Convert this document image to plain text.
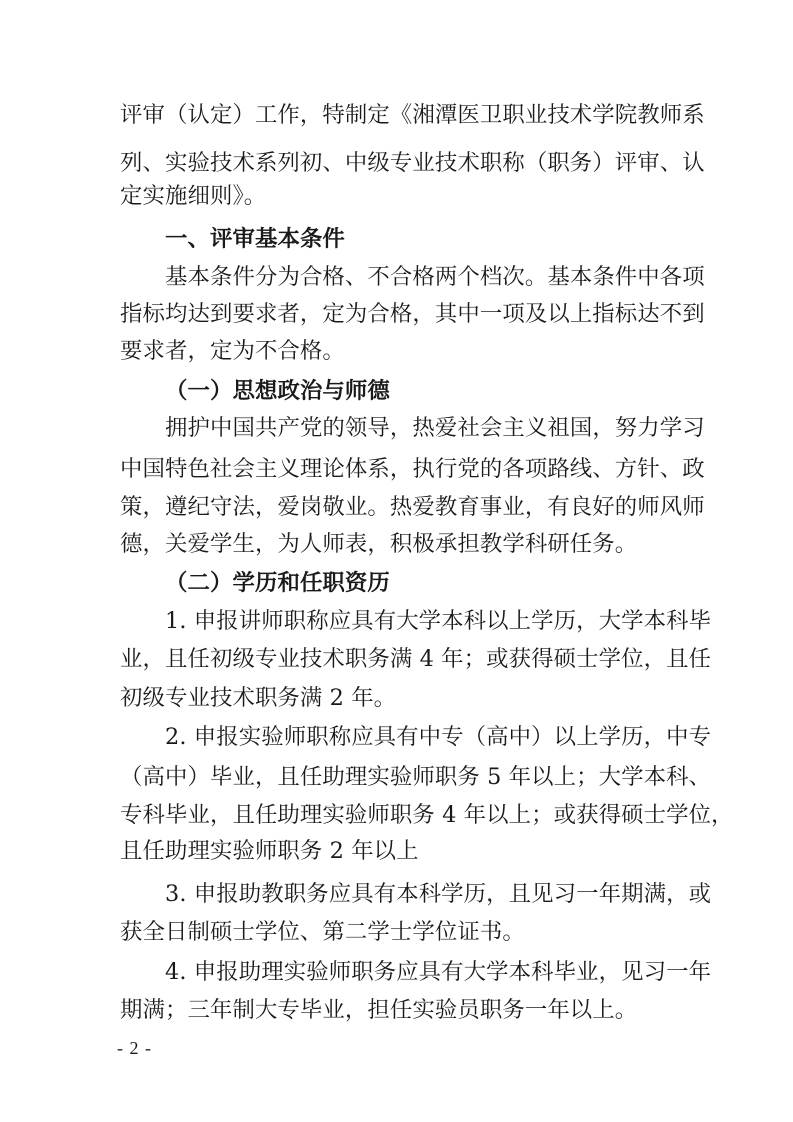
评审（认定）工作，特制定《湘潭医卫职业技术学院教师系
列、实验技术系列初、中级专业技术职称（职务）评审、认
定实施细则》。
一、评审基本条件
基本条件分为合格、不合格两个档次。基本条件中各项
指标均达到要求者，定为合格，其中一项及以上指标达不到
要求者，定为不合格。
（一）思想政治与师德
拥护中国共产党的领导，热爱社会主义祖国，努力学习
中国特色社会主义理论体系，执行党的各项路线、方针、政
策，遵纪守法，爱岗敬业。热爱教育事业，有良好的师风师
德，关爱学生，为人师表，积极承担教学科研任务。
（二）学历和任职资历
1. 申报讲师职称应具有大学本科以上学历，大学本科毕
业，且任初级专业技术职务满 4 年；或获得硕士学位，且任
初级专业技术职务满 2 年。
2. 申报实验师职称应具有中专（高中）以上学历，中专
（高中）毕业，且任助理实验师职务 5 年以上；大学本科、
专科毕业，且任助理实验师职务 4 年以上；或获得硕士学位，
且任助理实验师职务 2 年以上
3. 申报助教职务应具有本科学历，且见习一年期满，或
获全日制硕士学位、第二学士学位证书。
4. 申报助理实验师职务应具有大学本科毕业，见习一年
期满；三年制大专毕业，担任实验员职务一年以上。
- 2 -
